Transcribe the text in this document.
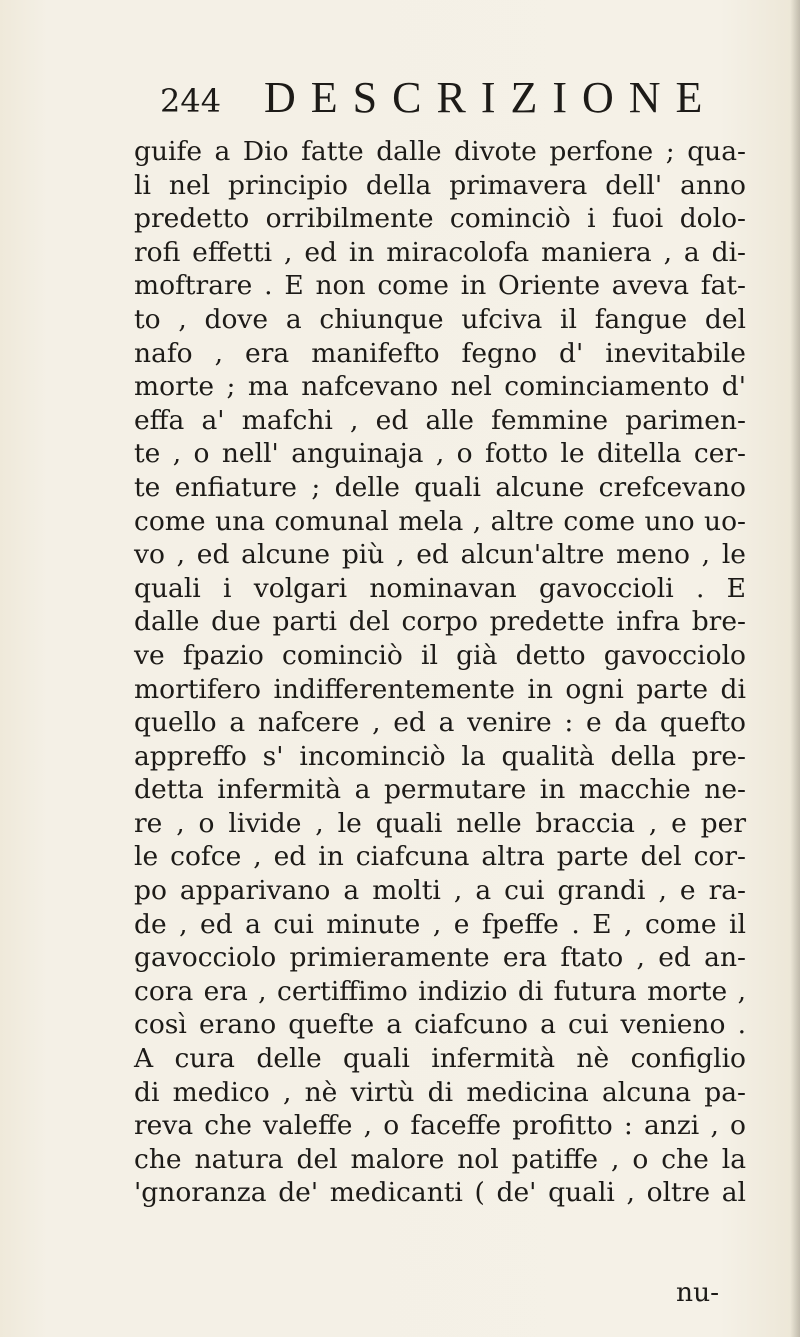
244 DESCRIZIONE
guife a Dio fatte dalle divote perfone ; qua-
li nel principio della primavera dell' anno
predetto orribilmente cominciò i fuoi dolo-
rofi effetti , ed in miracolofa maniera , a di-
moftrare . E non come in Oriente aveva fat-
to , dove a chiunque ufciva il fangue del
nafo , era manifefto fegno d' inevitabile
morte ; ma nafcevano nel cominciamento d'
effa a' mafchi , ed alle femmine parimen-
te , o nell' anguinaja , o fotto le ditella cer-
te enfiature ; delle quali alcune crefcevano
come una comunal mela , altre come uno uo-
vo , ed alcune più , ed alcun'altre meno , le
quali i volgari nominavan gavoccioli . E
dalle due parti del corpo predette infra bre-
ve fpazio cominciò il già detto gavocciolo
mortifero indifferentemente in ogni parte di
quello a nafcere , ed a venire : e da quefto
appreffo s' incominciò la qualità della pre-
detta infermità a permutare in macchie ne-
re , o livide , le quali nelle braccia , e per
le cofce , ed in ciafcuna altra parte del cor-
po apparivano a molti , a cui grandi , e ra-
de , ed a cui minute , e fpeffe . E , come il
gavocciolo primieramente era ftato , ed an-
cora era , certiffimo indizio di futura morte ,
così erano quefte a ciafcuno a cui venieno .
A cura delle quali infermità nè configlio
di medico , nè virtù di medicina alcuna pa-
reva che valeffe , o faceffe profitto : anzi , o
che natura del malore nol patiffe , o che la
'gnoranza de' medicanti ( de' quali , oltre al
nu-
